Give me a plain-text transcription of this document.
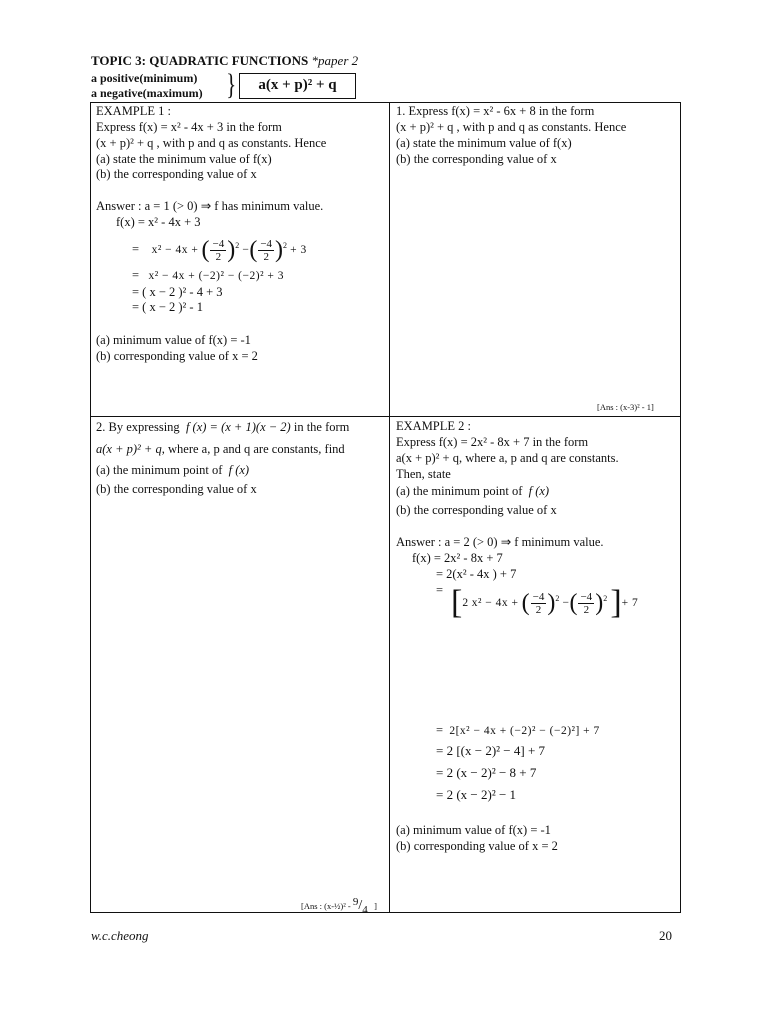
TOPIC 3: QUADRATIC FUNCTIONS *paper 2
a positive(minimum)
a negative(maximum) }	a(x + p)² + q
EXAMPLE 1 :
Express f(x) = x² - 4x + 3 in the form
(x + p)² + q , with p and q as constants. Hence
(a) state the minimum value of f(x)
(b) the corresponding value of x
Answer : a = 1 (> 0) ⇒ f has minimum value.
f(x) = x² - 4x + 3
= x² − 4x + ( $\frac{-4}{2} )^2$ −( $\frac{-4}{2} )^2 + 3$
= x² − 4x + (−2)² − (−2)² + 3
= ( x − 2 )² - 4 + 3
= ( x − 2 )² - 1
(a) minimum value of f(x) = -1
(b) corresponding value of x = 2
1. Express f(x) = x² - 6x + 8 in the form
(x + p)² + q , with p and q as constants. Hence
(a) state the minimum value of f(x)
(b) the corresponding value of x
[Ans : (x-3)² - 1]
2. By expressing f (x) = (x + 1)(x − 2) in the form
a(x + p)² + q, where a, p and q are constants, find
(a) the minimum point of f (x)
(b) the corresponding value of x
[Ans : (x-½)² - 9/4 ]
EXAMPLE 2 :
Express f(x) = 2x² - 8x + 7 in the form
a(x + p)² + q, where a, p and q are constants.
Then, state
(a) the minimum point of f (x)
(b) the corresponding value of x
Answer : a = 2 (> 0) ⇒ f minimum value.
f(x) = 2x² - 8x + 7
= 2(x² - 4x ) + 7
= [2 x² − 4x + ( $\frac{-4}{2} )^2$ −( $\frac{-4}{2} )^2$ ]+ 7
= 2[x² − 4x + (−2)² − (−2)²] + 7
= 2 [(x − 2)² − 4] + 7
= 2 (x − 2)² − 8 + 7
= 2 (x − 2)² − 1
(a) minimum value of f(x) = -1
(b) corresponding value of x = 2
w.c.cheong	20
